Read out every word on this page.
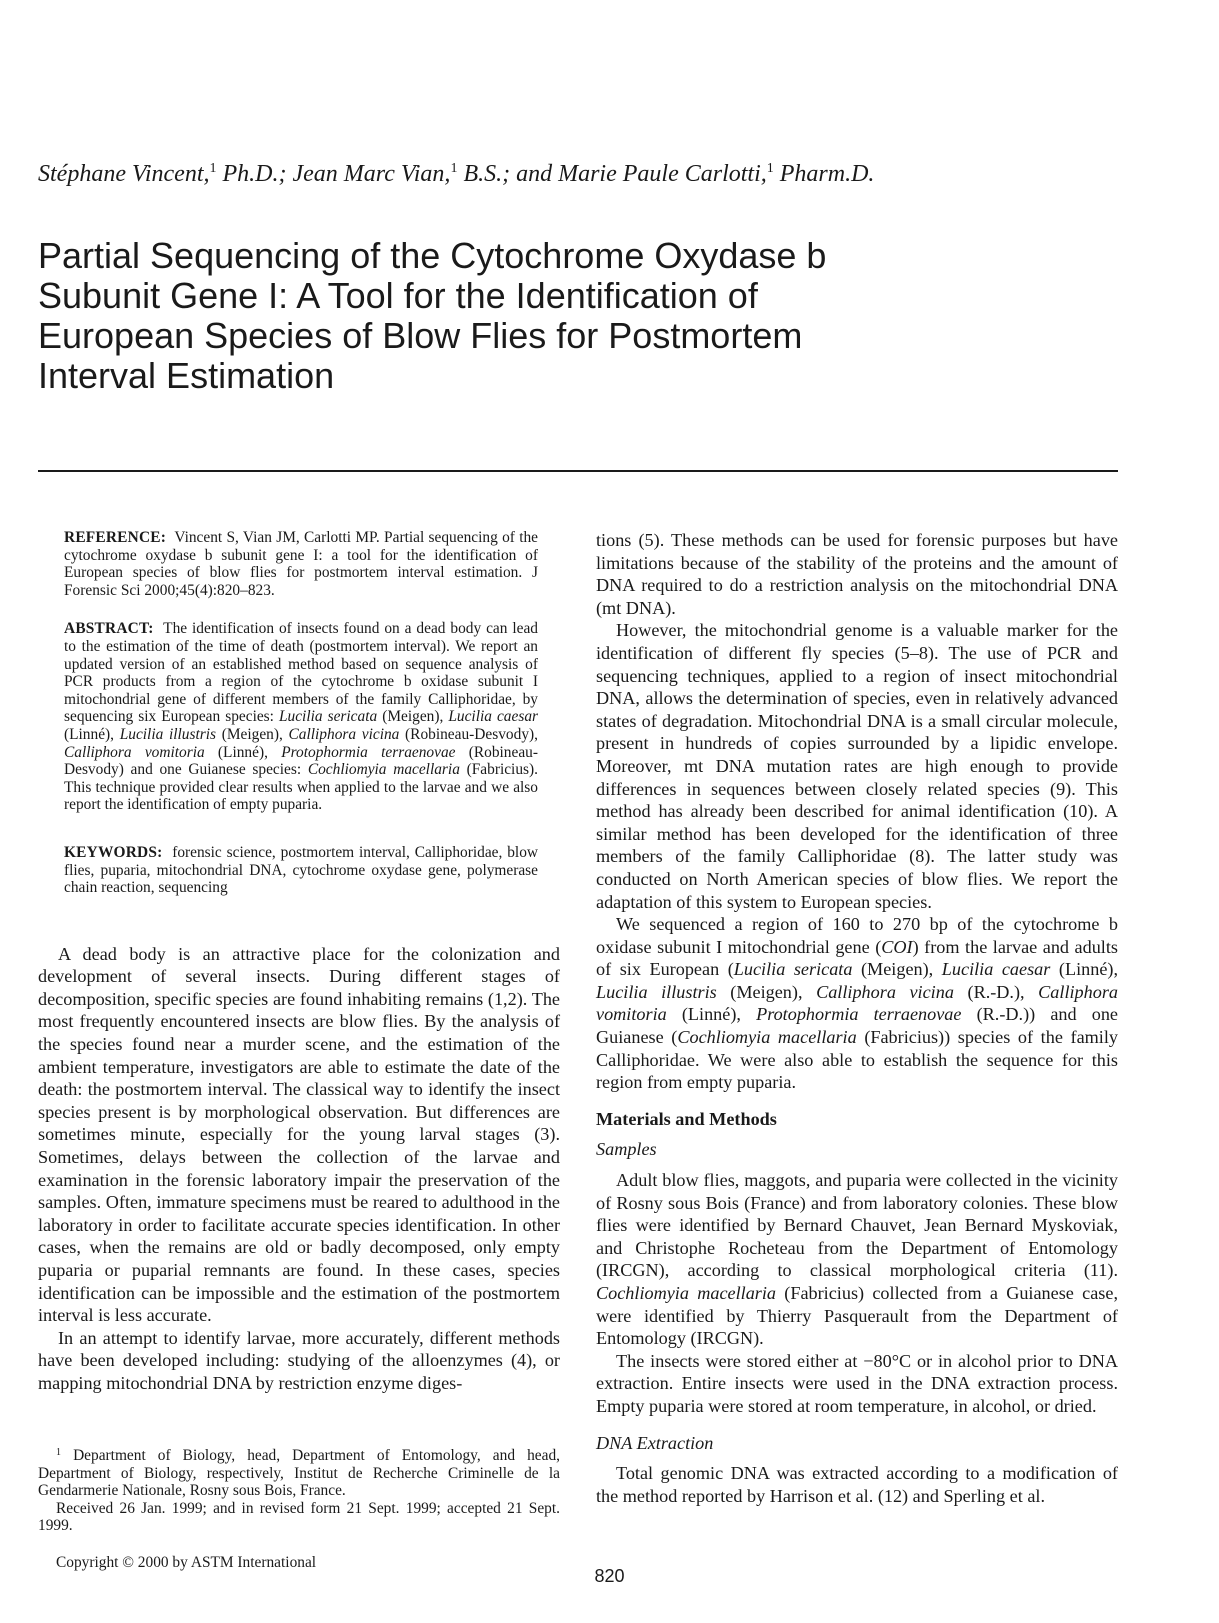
Stéphane Vincent,$^1$ Ph.D.; Jean Marc Vian,$^1$ B.S.; and Marie Paule Carlotti,$^1$ Pharm.D.
Partial Sequencing of the Cytochrome Oxydase b
Subunit Gene I: A Tool for the Identification of
European Species of Blow Flies for Postmortem
Interval Estimation

REFERENCE: Vincent S, Vian JM, Carlotti MP. Partial sequencing of the cytochrome oxydase b subunit gene I: a tool for the identification of European species of blow flies for postmortem interval estimation. J Forensic Sci 2000;45(4):820–823.

ABSTRACT: The identification of insects found on a dead body can lead to the estimation of the time of death (postmortem interval). We report an updated version of an established method based on sequence analysis of PCR products from a region of the cytochrome b oxidase subunit I mitochondrial gene of different members of the family Calliphoridae, by sequencing six European species: Lucilia sericata (Meigen), Lucilia caesar (Linné), Lucilia illustris (Meigen), Calliphora vicina (Robineau-Desvody), Calliphora vomitoria (Linné), Protophormia terraenovae (Robineau-Desvody) and one Guianese species: Cochliomyia macellaria (Fabricius). This technique provided clear results when applied to the larvae and we also report the identification of empty puparia.

KEYWORDS: forensic science, postmortem interval, Calliphoridae, blow flies, puparia, mitochondrial DNA, cytochrome oxydase gene, polymerase chain reaction, sequencing

A dead body is an attractive place for the colonization and development of several insects. During different stages of decomposition, specific species are found inhabiting remains (1,2). The most frequently encountered insects are blow flies. By the analysis of the species found near a murder scene, and the estimation of the ambient temperature, investigators are able to estimate the date of the death: the postmortem interval. The classical way to identify the insect species present is by morphological observation. But differences are sometimes minute, especially for the young larval stages (3). Sometimes, delays between the collection of the larvae and examination in the forensic laboratory impair the preservation of the samples. Often, immature specimens must be reared to adulthood in the laboratory in order to facilitate accurate species identification. In other cases, when the remains are old or badly decomposed, only empty puparia or puparial remnants are found. In these cases, species identification can be impossible and the estimation of the postmortem interval is less accurate.

In an attempt to identify larvae, more accurately, different methods have been developed including: studying of the alloenzymes (4), or mapping mitochondrial DNA by restriction enzyme diges-

tions (5). These methods can be used for forensic purposes but have limitations because of the stability of the proteins and the amount of DNA required to do a restriction analysis on the mitochondrial DNA (mt DNA).

However, the mitochondrial genome is a valuable marker for the identification of different fly species (5–8). The use of PCR and sequencing techniques, applied to a region of insect mitochondrial DNA, allows the determination of species, even in relatively advanced states of degradation. Mitochondrial DNA is a small circular molecule, present in hundreds of copies surrounded by a lipidic envelope. Moreover, mt DNA mutation rates are high enough to provide differences in sequences between closely related species (9). This method has already been described for animal identification (10). A similar method has been developed for the identification of three members of the family Calliphoridae (8). The latter study was conducted on North American species of blow flies. We report the adaptation of this system to European species.

We sequenced a region of 160 to 270 bp of the cytochrome b oxidase subunit I mitochondrial gene (COI) from the larvae and adults of six European (Lucilia sericata (Meigen), Lucilia caesar (Linné), Lucilia illustris (Meigen), Calliphora vicina (R.-D.), Calliphora vomitoria (Linné), Protophormia terraenovae (R.-D.)) and one Guianese (Cochliomyia macellaria (Fabricius)) species of the family Calliphoridae. We were also able to establish the sequence for this region from empty puparia.

Materials and Methods
Samples

Adult blow flies, maggots, and puparia were collected in the vicinity of Rosny sous Bois (France) and from laboratory colonies. These blow flies were identified by Bernard Chauvet, Jean Bernard Myskoviak, and Christophe Rocheteau from the Department of Entomology (IRCGN), according to classical morphological criteria (11). Cochliomyia macellaria (Fabricius) collected from a Guianese case, were identified by Thierry Pasquerault from the Department of Entomology (IRCGN).

The insects were stored either at −80°C or in alcohol prior to DNA extraction. Entire insects were used in the DNA extraction process. Empty puparia were stored at room temperature, in alcohol, or dried.

DNA Extraction

Total genomic DNA was extracted according to a modification of the method reported by Harrison et al. (12) and Sperling et al.

$^1$ Department of Biology, head, Department of Entomology, and head, Department of Biology, respectively, Institut de Recherche Criminelle de la Gendarmerie Nationale, Rosny sous Bois, France.

Received 26 Jan. 1999; and in revised form 21 Sept. 1999; accepted 21 Sept. 1999.

Copyright © 2000 by ASTM International
820
